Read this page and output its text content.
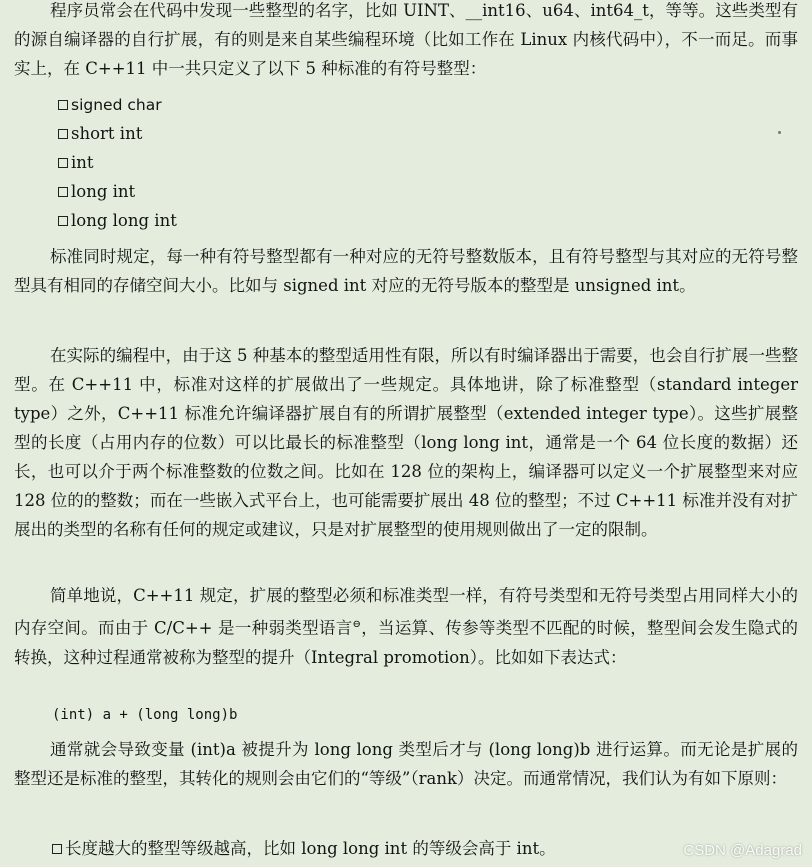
程序员常会在代码中发现一些整型的名字，比如 UINT、__int16、u64、int64_t，等等。这些类型有的源自编译器的自行扩展，有的则是来自某些编程环境（比如工作在 Linux 内核代码中），不一而足。而事实上，在 C++11 中一共只定义了以下 5 种标准的有符号整型：

signed char
short int
int
long int
long long int

标准同时规定，每一种有符号整型都有一种对应的无符号整数版本，且有符号整型与其对应的无符号整型具有相同的存储空间大小。比如与 signed int 对应的无符号版本的整型是 unsigned int。

在实际的编程中，由于这 5 种基本的整型适用性有限，所以有时编译器出于需要，也会自行扩展一些整型。在 C++11 中，标准对这样的扩展做出了一些规定。具体地讲，除了标准整型（standard integer type）之外，C++11 标准允许编译器扩展自有的所谓扩展整型（extended integer type）。这些扩展整型的长度（占用内存的位数）可以比最长的标准整型（long long int，通常是一个 64 位长度的数据）还长，也可以介于两个标准整数的位数之间。比如在 128 位的架构上，编译器可以定义一个扩展整型来对应 128 位的的整数；而在一些嵌入式平台上，也可能需要扩展出 48 位的整型；不过 C++11 标准并没有对扩展出的类型的名称有任何的规定或建议，只是对扩展整型的使用规则做出了一定的限制。

简单地说，C++11 规定，扩展的整型必须和标准类型一样，有符号类型和无符号类型占用同样大小的内存空间。而由于 C/C++ 是一种弱类型语言⊖，当运算、传参等类型不匹配的时候，整型间会发生隐式的转换，这种过程通常被称为整型的提升（Integral promotion）。比如如下表达式：

(int) a + (long long)b

通常就会导致变量 (int)a 被提升为 long long 类型后才与 (long long)b 进行运算。而无论是扩展的整型还是标准的整型，其转化的规则会由它们的“等级”（rank）决定。而通常情况，我们认为有如下原则：

长度越大的整型等级越高，比如 long long int 的等级会高于 int。	CSDN @Adagrad
